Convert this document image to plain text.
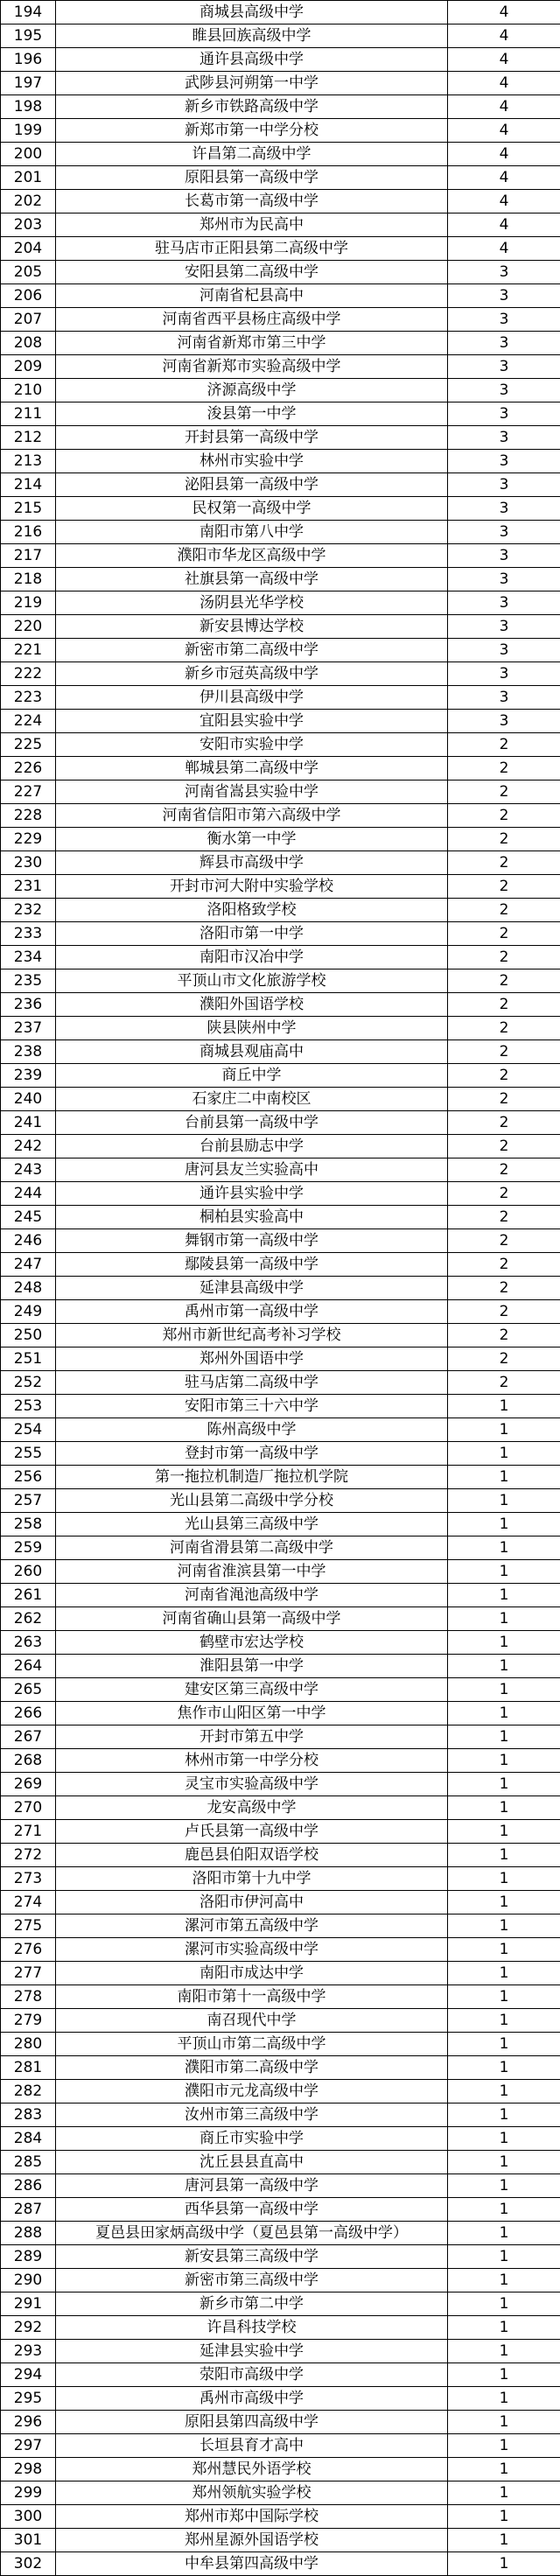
194	商城县高级中学	4
195	睢县回族高级中学	4
196	通许县高级中学	4
197	武陟县河朔第一中学	4
198	新乡市铁路高级中学	4
199	新郑市第一中学分校	4
200	许昌第二高级中学	4
201	原阳县第一高级中学	4
202	长葛市第一高级中学	4
203	郑州市为民高中	4
204	驻马店市正阳县第二高级中学	4
205	安阳县第二高级中学	3
206	河南省杞县高中	3
207	河南省西平县杨庄高级中学	3
208	河南省新郑市第三中学	3
209	河南省新郑市实验高级中学	3
210	济源高级中学	3
211	浚县第一中学	3
212	开封县第一高级中学	3
213	林州市实验中学	3
214	泌阳县第一高级中学	3
215	民权第一高级中学	3
216	南阳市第八中学	3
217	濮阳市华龙区高级中学	3
218	社旗县第一高级中学	3
219	汤阴县光华学校	3
220	新安县博达学校	3
221	新密市第二高级中学	3
222	新乡市冠英高级中学	3
223	伊川县高级中学	3
224	宜阳县实验中学	3
225	安阳市实验中学	2
226	郸城县第二高级中学	2
227	河南省嵩县实验中学	2
228	河南省信阳市第六高级中学	2
229	衡水第一中学	2
230	辉县市高级中学	2
231	开封市河大附中实验学校	2
232	洛阳格致学校	2
233	洛阳市第一中学	2
234	南阳市汉冶中学	2
235	平顶山市文化旅游学校	2
236	濮阳外国语学校	2
237	陕县陕州中学	2
238	商城县观庙高中	2
239	商丘中学	2
240	石家庄二中南校区	2
241	台前县第一高级中学	2
242	台前县励志中学	2
243	唐河县友兰实验高中	2
244	通许县实验中学	2
245	桐柏县实验高中	2
246	舞钢市第一高级中学	2
247	鄢陵县第一高级中学	2
248	延津县高级中学	2
249	禹州市第一高级中学	2
250	郑州市新世纪高考补习学校	2
251	郑州外国语中学	2
252	驻马店第二高级中学	2
253	安阳市第三十六中学	1
254	陈州高级中学	1
255	登封市第一高级中学	1
256	第一拖拉机制造厂拖拉机学院	1
257	光山县第二高级中学分校	1
258	光山县第三高级中学	1
259	河南省滑县第二高级中学	1
260	河南省淮滨县第一中学	1
261	河南省渑池高级中学	1
262	河南省确山县第一高级中学	1
263	鹤壁市宏达学校	1
264	淮阳县第一中学	1
265	建安区第三高级中学	1
266	焦作市山阳区第一中学	1
267	开封市第五中学	1
268	林州市第一中学分校	1
269	灵宝市实验高级中学	1
270	龙安高级中学	1
271	卢氏县第一高级中学	1
272	鹿邑县伯阳双语学校	1
273	洛阳市第十九中学	1
274	洛阳市伊河高中	1
275	漯河市第五高级中学	1
276	漯河市实验高级中学	1
277	南阳市成达中学	1
278	南阳市第十一高级中学	1
279	南召现代中学	1
280	平顶山市第二高级中学	1
281	濮阳市第二高级中学	1
282	濮阳市元龙高级中学	1
283	汝州市第三高级中学	1
284	商丘市实验中学	1
285	沈丘县县直高中	1
286	唐河县第一高级中学	1
287	西华县第一高级中学	1
288	夏邑县田家炳高级中学（夏邑县第一高级中学）	1
289	新安县第三高级中学	1
290	新密市第三高级中学	1
291	新乡市第二中学	1
292	许昌科技学校	1
293	延津县实验中学	1
294	荥阳市高级中学	1
295	禹州市高级中学	1
296	原阳县第四高级中学	1
297	长垣县育才高中	1
298	郑州慧民外语学校	1
299	郑州领航实验学校	1
300	郑州市郑中国际学校	1
301	郑州星源外国语学校	1
302	中牟县第四高级中学	1
